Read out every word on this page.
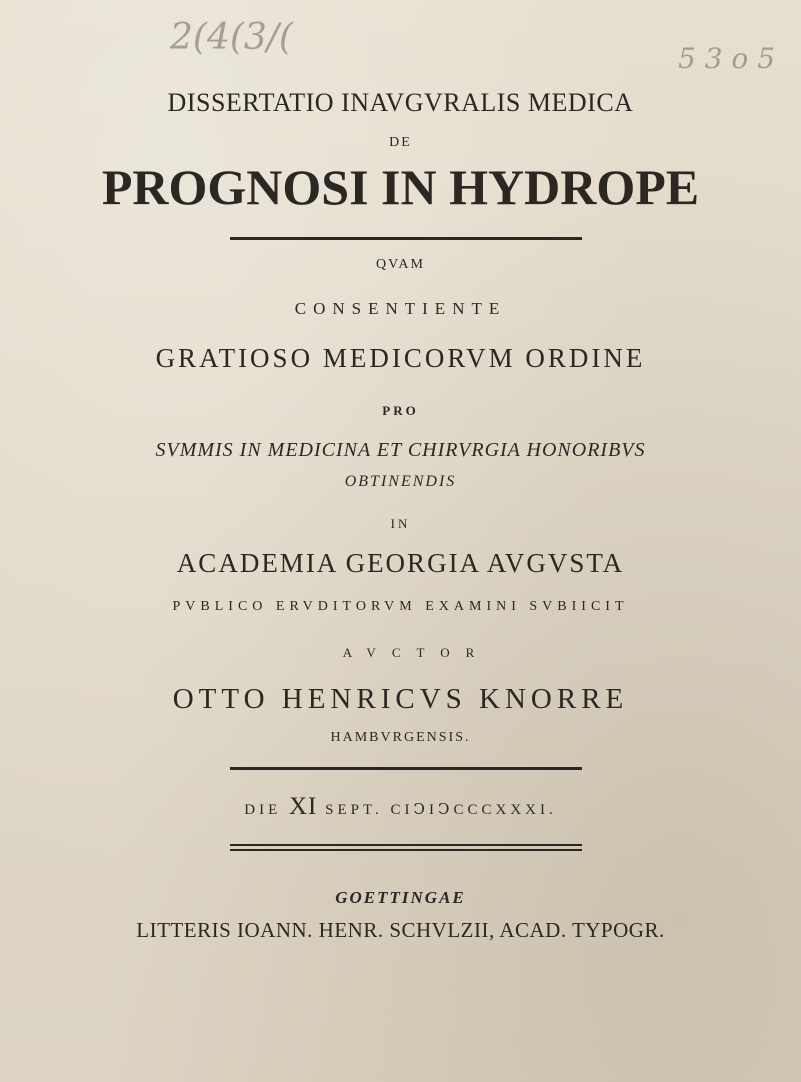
2(4(3/(
5 3 o 5
DISSERTATIO INAVGVRALIS MEDICA
DE
PROGNOSI IN HYDROPE
QVAM
CONSENTIENTE
GRATIOSO MEDICORVM ORDINE
PRO
SVMMIS IN MEDICINA ET CHIRVRGIA HONORIBVS
OBTINENDIS
IN
ACADEMIA GEORGIA AVGVSTA
PVBLICO ERVDITORVM EXAMINI SVBIICIT
AVCTOR
OTTO HENRICVS KNORRE
HAMBVRGENSIS.
DIE XI SEPT. CIↃIↃCCCXXXI.
GOETTINGAE
LITTERIS IOANN. HENR. SCHVLZII, ACAD. TYPOGR.
